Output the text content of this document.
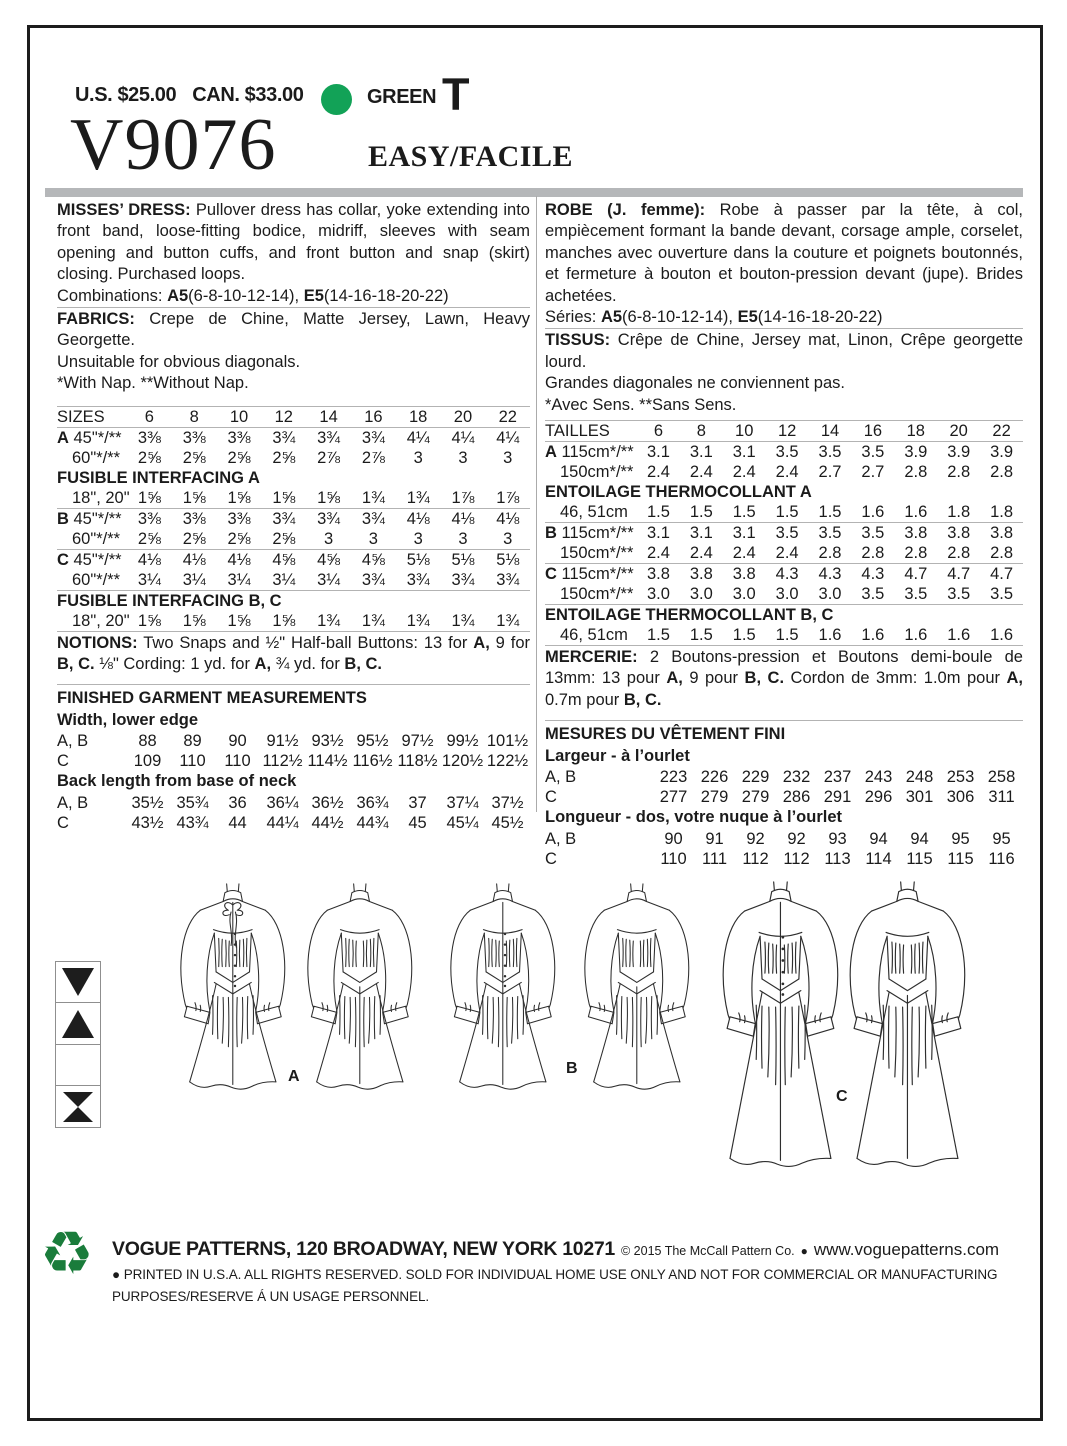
U.S. $25.00 CAN. $33.00	GREEN T
V9076	EASY/FACILE

MISSES’ DRESS: Pullover dress has collar, yoke extending into front band, loose-fitting bodice, midriff, sleeves with seam opening and button cuffs, and front button and snap (skirt) closing. Purchased loops.

Combinations: A5(6-8-10-12-14), E5(14-16-18-20-22)

FABRICS: Crepe de Chine, Matte Jersey, Lawn, Heavy Georgette.

Unsuitable for obvious diagonals.

*With Nap. **Without Nap.

SIZES	6	8	10	12	14	16	18	20	22
A 45"*/** 3⅜	3⅜	3⅜	3¾	3¾	3¾	4¼	4¼	4¼
60"*/**	2⅝	2⅝	2⅝	2⅝	2⅞	2⅞	3	3	3
FUSIBLE INTERFACING A
18", 20" 1⅝	1⅝	1⅝	1⅝	1⅝	1¾	1¾	1⅞	1⅞
B 45"*/** 3⅜	3⅜	3⅜	3¾	3¾	3¾	4⅛	4⅛	4⅛
60"*/**	2⅝	2⅝	2⅝	2⅝	3	3	3	3	3
C 45"*/** 4⅛	4⅛	4⅛	4⅝	4⅝	4⅝	5⅛	5⅛	5⅛
60"*/**	3¼	3¼	3¼	3¼	3¼	3¾	3¾	3¾	3¾
FUSIBLE INTERFACING B, C
18", 20" 1⅝	1⅝	1⅝	1⅝	1¾	1¾	1¾	1¾	1¾

NOTIONS: Two Snaps and ½" Half-ball Buttons: 13 for A, 9 for B, C. ⅛" Cording: 1 yd. for A, ¾ yd. for B, C.

FINISHED GARMENT MEASUREMENTS
Width, lower edge
A, B	88	89	90	91½ 93½ 95½ 97½ 99½ 101½
C	109	110	110 112½ 114½ 116½ 118½ 120½ 122½
Back length from base of neck
A, B	35½ 35¾	36	36¼ 36½ 36¾	37	37¼ 37½
C	43½ 43¾	44	44¼ 44½ 44¾	45	45¼ 45½

ROBE (J. femme): Robe à passer par la tête, à col, empiècement formant la bande devant, corsage ample, corselet, manches avec ouverture dans la couture et poignets boutonnés, et fermeture à bouton et bouton-pression devant (jupe). Brides achetées.

Séries: A5(6-8-10-12-14), E5(14-16-18-20-22)

TISSUS: Crêpe de Chine, Jersey mat, Linon, Crêpe georgette lourd.

Grandes diagonales ne conviennent pas.

*Avec Sens. **Sans Sens.

TAILLES	6	8	10	12	14	16	18	20	22
A 115cm*/** 3.1	3.1	3.1	3.5	3.5	3.5	3.9	3.9	3.9
150cm*/** 2.4	2.4	2.4	2.4	2.7	2.7	2.8	2.8	2.8
ENTOILAGE THERMOCOLLANT A
46, 51cm	1.5	1.5	1.5	1.5	1.5	1.6	1.6	1.8	1.8
B 115cm*/** 3.1	3.1	3.1	3.5	3.5	3.5	3.8	3.8	3.8
150cm*/** 2.4	2.4	2.4	2.4	2.8	2.8	2.8	2.8	2.8
C 115cm*/** 3.8	3.8	3.8	4.3	4.3	4.3	4.7	4.7	4.7
150cm*/** 3.0	3.0	3.0	3.0	3.0	3.5	3.5	3.5	3.5
ENTOILAGE THERMOCOLLANT B, C
46, 51cm	1.5	1.5	1.5	1.5	1.6	1.6	1.6	1.6	1.6

MERCERIE: 2 Boutons-pression et Boutons demi-boule de 13mm: 13 pour A, 9 pour B, C. Cordon de 3mm: 1.0m pour A, 0.7m pour B, C.

MESURES DU VÊTEMENT FINI
Largeur - à l’ourlet
A, B	223 226 229 232 237 243 248 253 258
C	277 279 279 286 291 296 301 306 311
Longueur - dos, votre nuque à l’ourlet
A, B	90	91	92	92	93	94	94	95	95
C	110 111 112 112 113 114 115 115 116
A	B
C
♻ VOGUE PATTERNS, 120 BROADWAY, NEW YORK 10271 © 2015 The McCall Pattern Co. ● www.voguepatterns.com
● PRINTED IN U.S.A. ALL RIGHTS RESERVED. SOLD FOR INDIVIDUAL HOME USE ONLY AND NOT FOR COMMERCIAL OR MANUFACTURING PURPOSES/RESERVE Á UN USAGE PERSONNEL.
